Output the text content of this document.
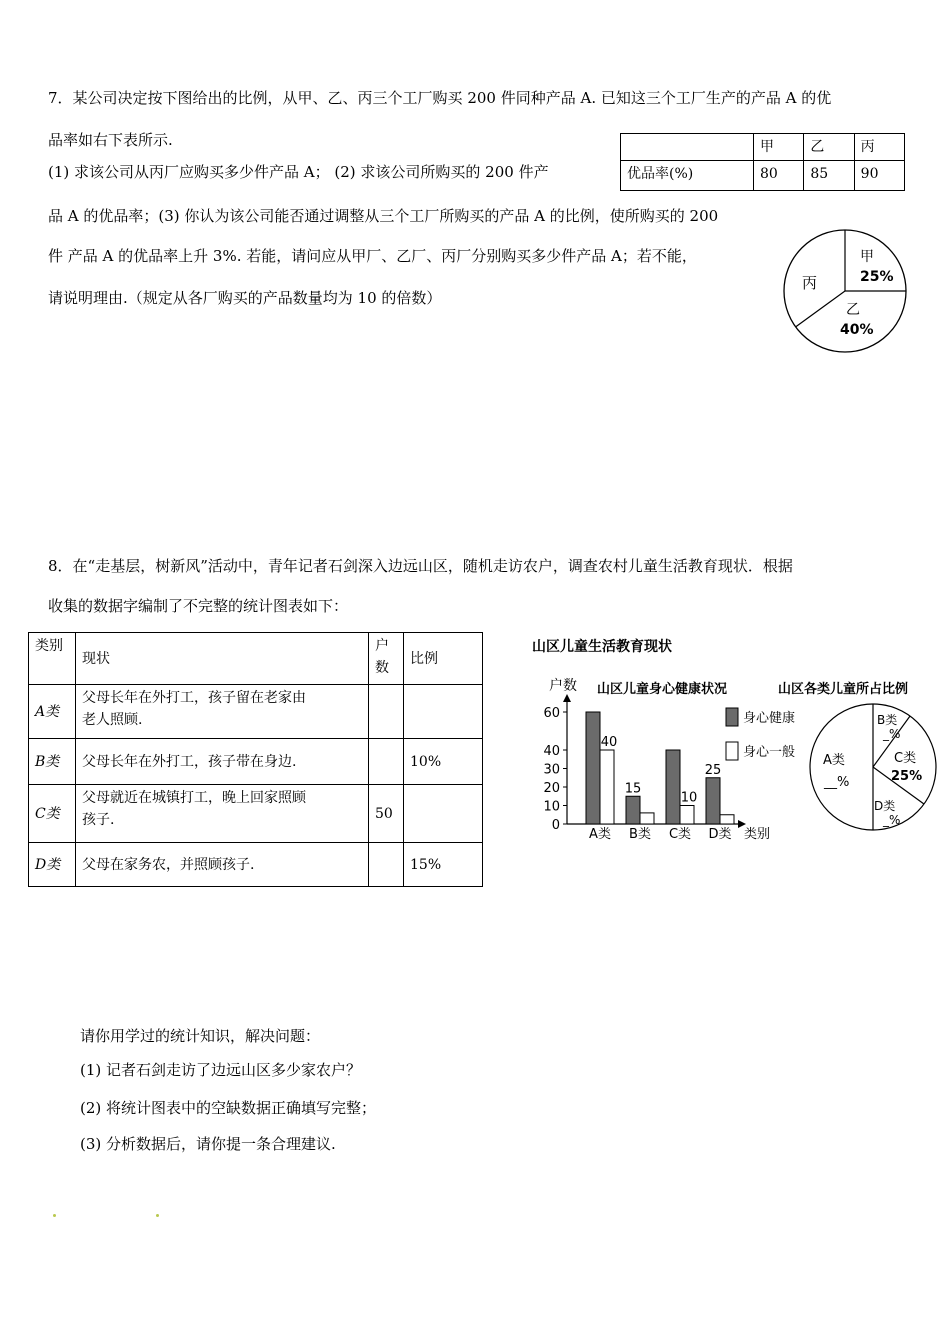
7．某公司决定按下图给出的比例，从甲、乙、丙三个工厂购买 200 件同种产品 A. 已知这三个工厂生产的产品 A 的优
品率如右下表所示.
(1) 求该公司从丙厂应购买多少件产品 A； (2) 求该公司所购买的 200 件产
品 A 的优品率；(3) 你认为该公司能否通过调整从三个工厂所购买的产品 A 的比例，使所购买的 200
件 产品 A 的优品率上升 3%. 若能，请问应从甲厂、乙厂、丙厂分别购买多少件产品 A；若不能，
请说明理由.（规定从各厂购买的产品数量均为 10 的倍数）
	甲	乙	丙
优品率(%)	80	85	90
甲
25%
乙
40%
丙
8．在“走基层，树新风”活动中，青年记者石剑深入边远山区，随机走访农户，调查农村儿童生活教育现状．根据
收集的数据字编制了不完整的统计图表如下：
类别	现状	户数	比例
A类	父母长年在外打工，孩子留在老家由
老人照顾.		

B类	父母长年在外打工，孩子带在身边.		10%
C类	父母就近在城镇打工，晚上回家照顾
孩子.	50	
D类	父母在家务农，并照顾孩子.		15%
山区儿童生活教育现状
户数 山区儿童身心健康状况
类别
0
10
20
30
40
60
A类 B类 C类 D类
40
15
10
25
身心健康
身心一般
山区各类儿童所占比例
A类
__%
B类
_%
C类
25%
D类
_%
请你用学过的统计知识，解决问题：
(1) 记者石剑走访了边远山区多少家农户？
(2) 将统计图表中的空缺数据正确填写完整；
(3) 分析数据后，请你提一条合理建议.
